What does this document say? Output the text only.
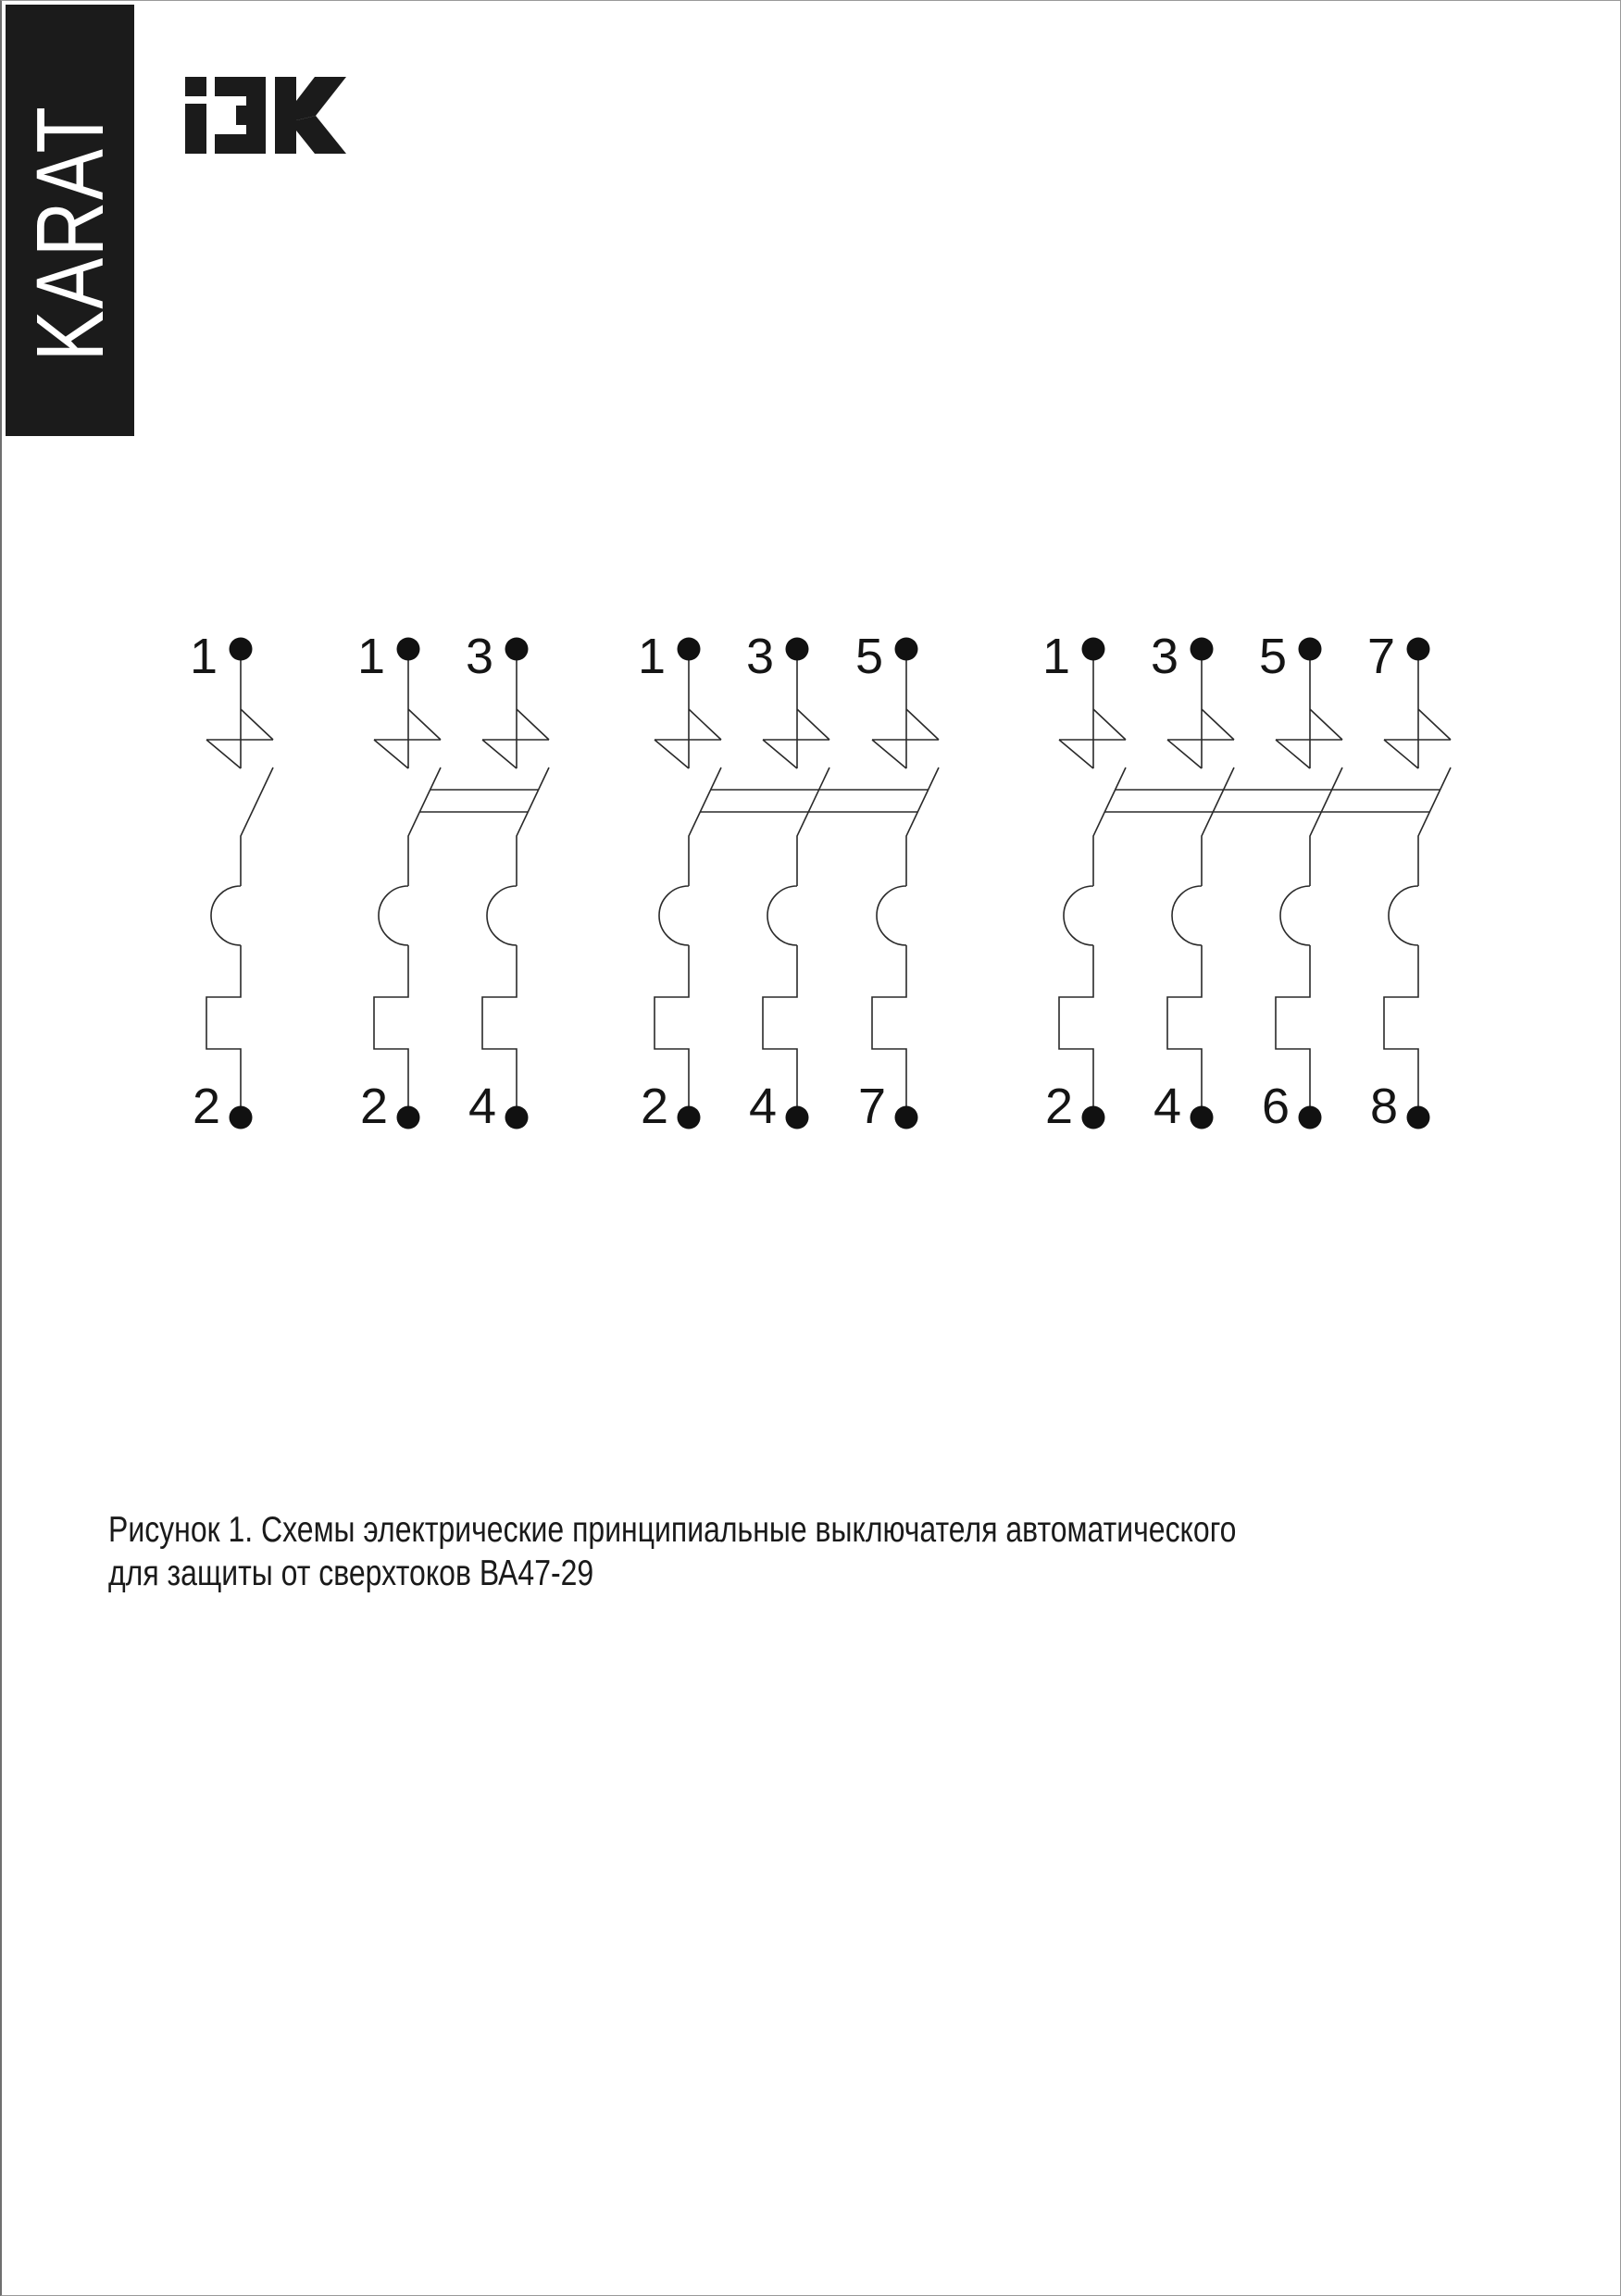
KARAT
1
2
1
2
3
4
1
2
3
4
5
7
1
2
3
4
5
6
7
8
Рисунок 1. Схемы электрические принципиальные выключателя автоматического
для защиты от сверхтоков ВА47-29
